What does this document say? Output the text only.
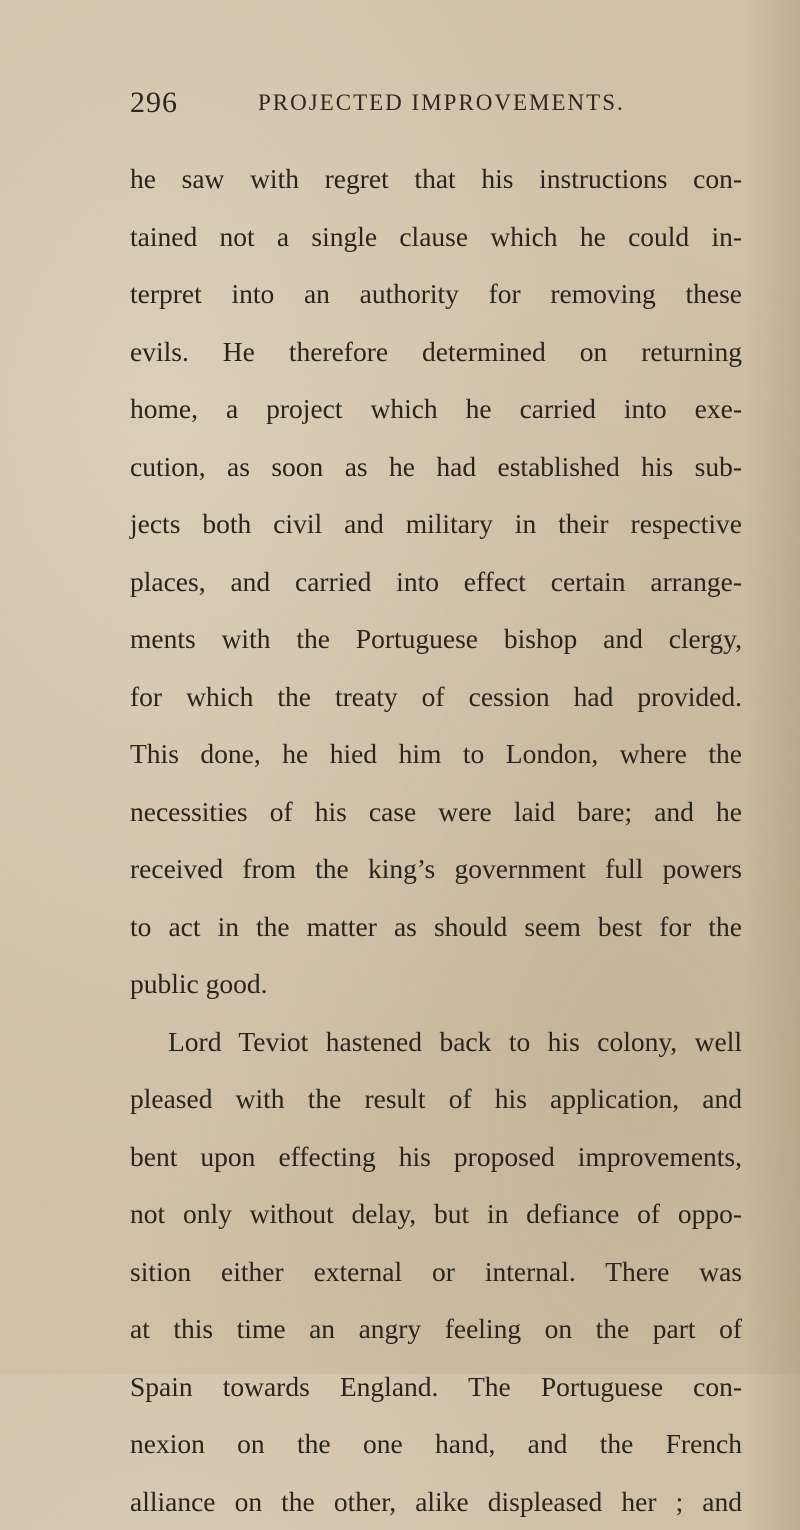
296	PROJECTED IMPROVEMENTS.
he saw with regret that his instructions con-
tained not a single clause which he could in-
terpret into an authority for removing these
evils. He therefore determined on returning
home, a project which he carried into exe-
cution, as soon as he had established his sub-
jects both civil and military in their respective
places, and carried into effect certain arrange-
ments with the Portuguese bishop and clergy,
for which the treaty of cession had provided.
This done, he hied him to London, where the
necessities of his case were laid bare; and he
received from the king’s government full powers
to act in the matter as should seem best for the
public good.
Lord Teviot hastened back to his colony, well
pleased with the result of his application, and
bent upon effecting his proposed improvements,
not only without delay, but in defiance of oppo-
sition either external or internal. There was
at this time an angry feeling on the part of
Spain towards England. The Portuguese con-
nexion on the one hand, and the French
alliance on the other, alike displeased her ; and
